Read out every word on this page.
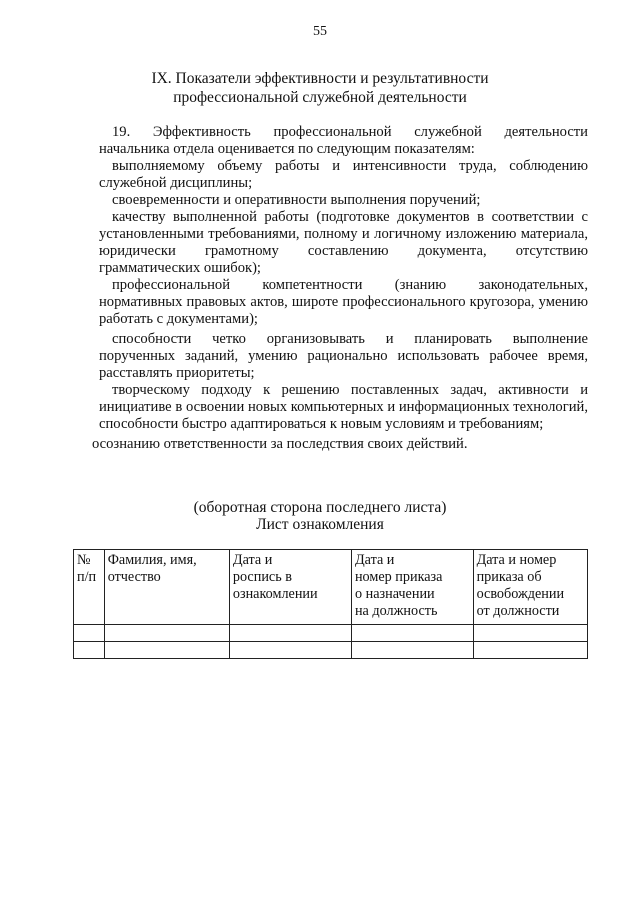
55
IX. Показатели эффективности и результативности
профессиональной служебной деятельности
19. Эффективность профессиональной служебной деятельности
начальника отдела оценивается по следующим показателям:
выполняемому объему работы и интенсивности труда, соблюдению
служебной дисциплины;
своевременности и оперативности выполнения поручений;
качеству выполненной работы (подготовке документов в соответствии с
установленными требованиями, полному и логичному изложению материала,
юридически грамотному составлению документа, отсутствию
грамматических ошибок);
профессиональной компетентности (знанию законодательных,
нормативных правовых актов, широте профессионального кругозора, умению
работать с документами);
способности четко организовывать и планировать выполнение
порученных заданий, умению рационально использовать рабочее время,
расставлять приоритеты;
творческому подходу к решению поставленных задач, активности и
инициативе в освоении новых компьютерных и информационных технологий,
способности быстро адаптироваться к новым условиям и требованиям;
осознанию ответственности за последствия своих действий.
(оборотная сторона последнего листа)
Лист ознакомления
№
п/п	Фамилия, имя,
отчество	Дата и
роспись в
ознакомлении	Дата и
номер приказа
о назначении
на должность	Дата и номер
приказа об
освобождении
от должности
